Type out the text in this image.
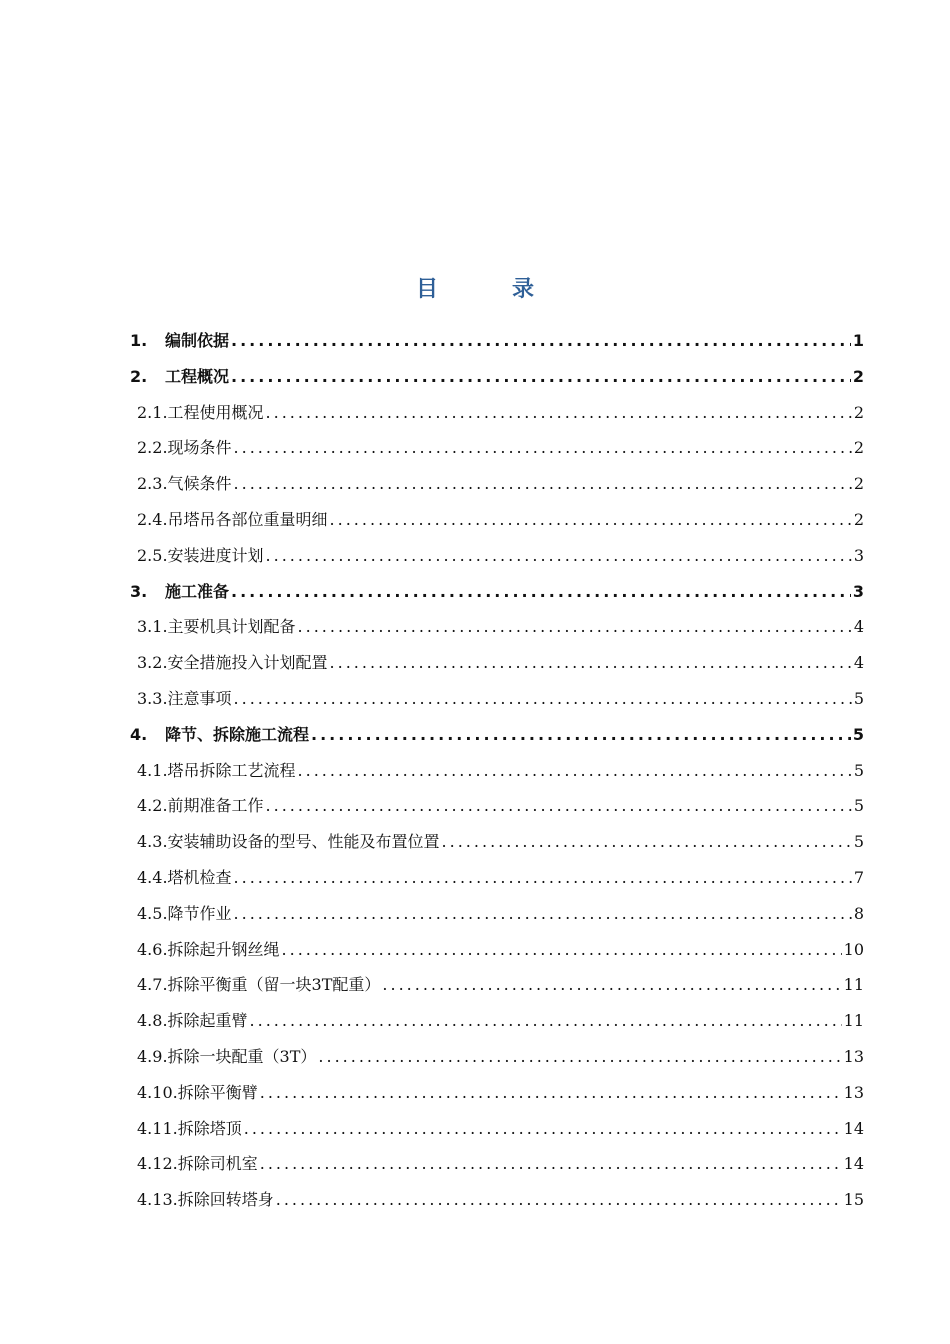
目　录
1.	编制依据 .....	1
2.	工程概况 .....	2
2.1. 工程使用概况 .....	2
2.2. 现场条件 .....	2
2.3. 气候条件 .....	2
2.4. 吊塔吊各部位重量明细 .....	2
2.5. 安装进度计划 .....	3
3.	施工准备 .....	3
3.1. 主要机具计划配备 .....	4
3.2. 安全措施投入计划配置 .....	4
3.3. 注意事项 .....	5
4.	降节、拆除施工流程 .....	5
4.1. 塔吊拆除工艺流程 .....	5
4.2. 前期准备工作 .....	5
4.3. 安装辅助设备的型号、性能及布置位置 .....	5
4.4. 塔机检查 .....	7
4.5. 降节作业 .....	8
4.6. 拆除起升钢丝绳 .....	10
4.7. 拆除平衡重（留一块3T配重） .....	11
4.8. 拆除起重臂 .....	11
4.9. 拆除一块配重（3T） .....	13
4.10. 拆除平衡臂 .....	13
4.11. 拆除塔顶 .....	14
4.12. 拆除司机室 .....	14
4.13. 拆除回转塔身 .....	15
